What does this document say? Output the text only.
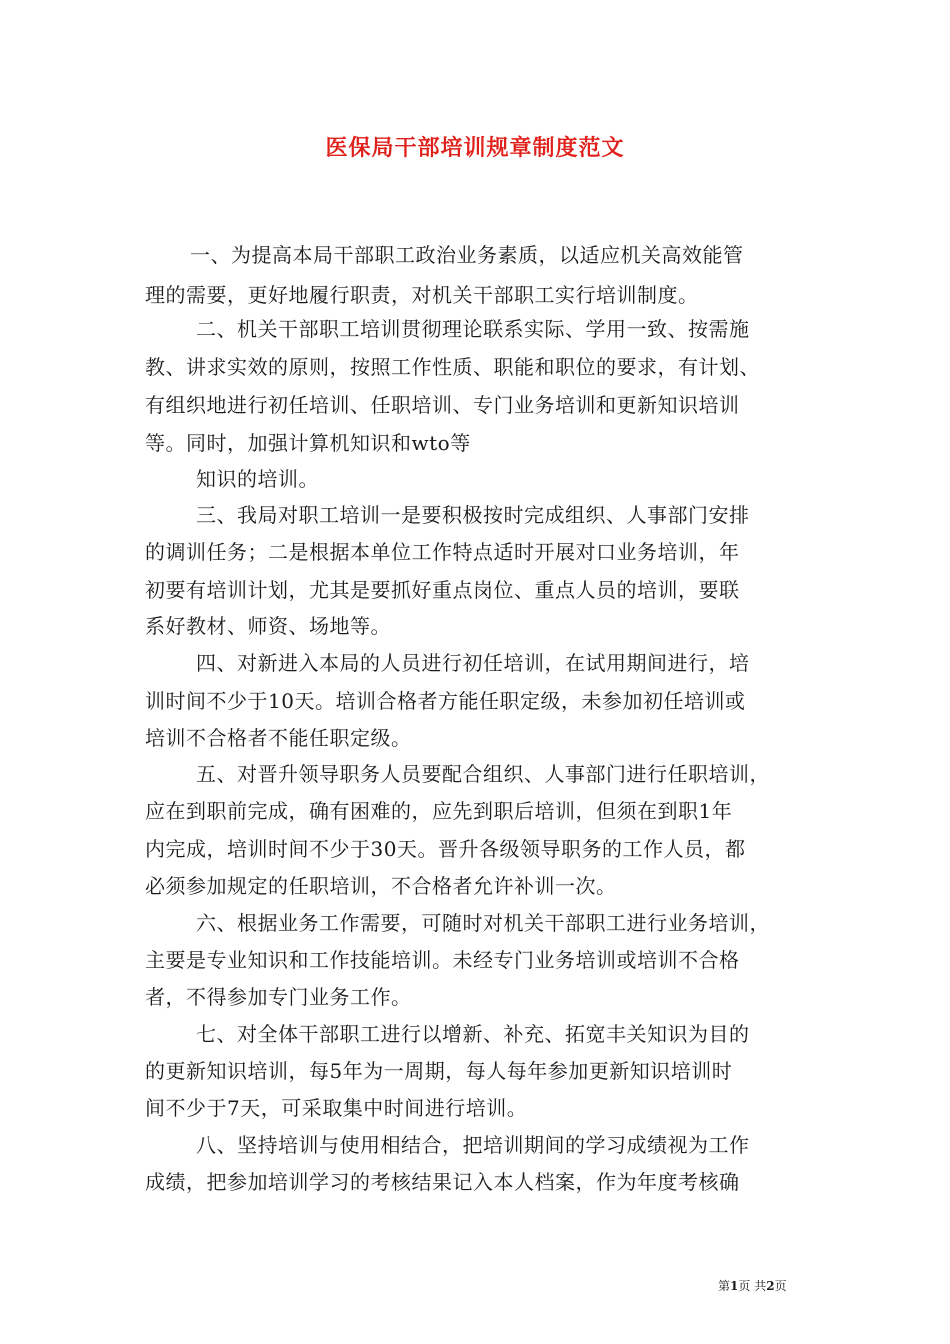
医保局干部培训规章制度范文
一、为提高本局干部职工政治业务素质，以适应机关高效能管
理的需要，更好地履行职责，对机关干部职工实行培训制度。
二、机关干部职工培训贯彻理论联系实际、学用一致、按需施
教、讲求实效的原则，按照工作性质、职能和职位的要求，有计划、
有组织地进行初任培训、任职培训、专门业务培训和更新知识培训
等。同时，加强计算机知识和wto等
知识的培训。
三、我局对职工培训一是要积极按时完成组织、人事部门安排
的调训任务；二是根据本单位工作特点适时开展对口业务培训，年
初要有培训计划，尤其是要抓好重点岗位、重点人员的培训，要联
系好教材、师资、场地等。
四、对新进入本局的人员进行初任培训，在试用期间进行，培
训时间不少于10天。培训合格者方能任职定级，未参加初任培训或
培训不合格者不能任职定级。
五、对晋升领导职务人员要配合组织、人事部门进行任职培训，
应在到职前完成，确有困难的，应先到职后培训，但须在到职1年
内完成，培训时间不少于30天。晋升各级领导职务的工作人员，都
必须参加规定的任职培训，不合格者允许补训一次。
六、根据业务工作需要，可随时对机关干部职工进行业务培训，
主要是专业知识和工作技能培训。未经专门业务培训或培训不合格
者，不得参加专门业务工作。
七、对全体干部职工进行以增新、补充、拓宽丰关知识为目的
的更新知识培训，每5年为一周期，每人每年参加更新知识培训时
间不少于7天，可采取集中时间进行培训。
八、坚持培训与使用相结合，把培训期间的学习成绩视为工作
成绩，把参加培训学习的考核结果记入本人档案，作为年度考核确
第1页 共2页
